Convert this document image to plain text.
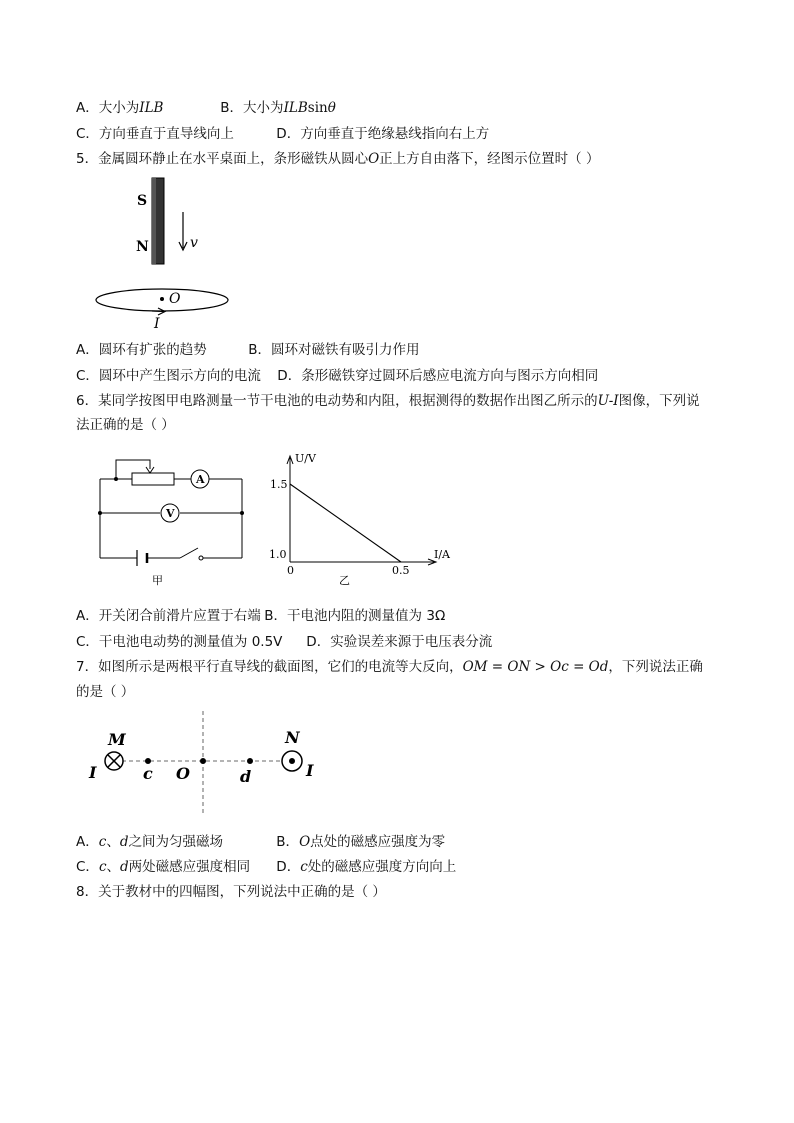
A．大小为ILB	B．大小为ILBsinθ
C．方向垂直于直导线向上	D．方向垂直于绝缘悬线指向右上方
5．金属圆环静止在水平桌面上，条形磁铁从圆心O正上方自由落下，经图示位置时（ ）
S
N	v
O
I
A．圆环有扩张的趋势	B．圆环对磁铁有吸引力作用
C．圆环中产生图示方向的电流 D．条形磁铁穿过圆环后感应电流方向与图示方向相同
6．某同学按图甲电路测量一节干电池的电动势和内阻，根据测得的数据作出图乙所示的U-I图像，下列说
法正确的是（ ）
A
V
甲
U/V
I/A
1.5
1.0
0	0.5
乙
A．开关闭合前滑片应置于右端 B．干电池内阻的测量值为 3Ω
C．干电池电动势的测量值为 0.5V D．实验误差来源于电压表分流
7．如图所示是两根平行直导线的截面图，它们的电流等大反向，OM = ON > Oc = Od，下列说法正确
的是（ ）
M	N
c O	d
I	I
A．c、d之间为匀强磁场	B．O点处的磁感应强度为零
C．c、d两处磁感应强度相同 D．c处的磁感应强度方向向上
8．关于教材中的四幅图，下列说法中正确的是（ ）
